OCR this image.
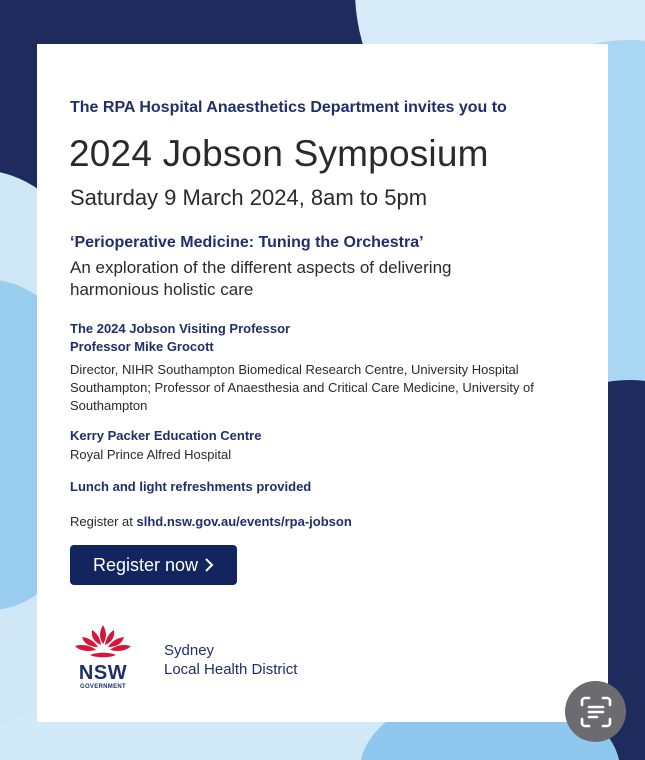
The RPA Hospital Anaesthetics Department invites you to
2024 Jobson Symposium
Saturday 9 March 2024, 8am to 5pm
‘Perioperative Medicine: Tuning the Orchestra’
An exploration of the different aspects of delivering harmonious holistic care
The 2024 Jobson Visiting Professor
Professor Mike Grocott
Director, NIHR Southampton Biomedical Research Centre, University Hospital Southampton; Professor of Anaesthesia and Critical Care Medicine, University of Southampton
Kerry Packer Education Centre
Royal Prince Alfred Hospital
Lunch and light refreshments provided
Register at slhd.nsw.gov.au/events/rpa-jobson
Register now
NSW
GOVERNMENT
Sydney
Local Health District
